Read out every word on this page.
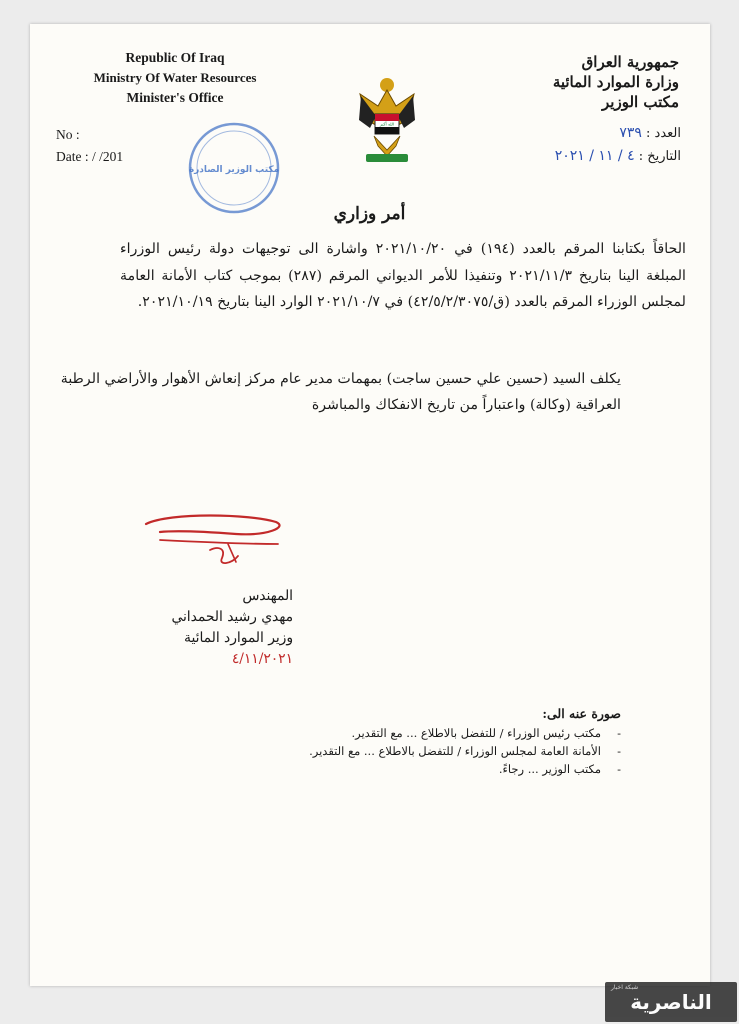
Republic Of Iraq
Ministry Of Water Resources
Minister's Office
No :
Date : / /201
جمهورية العراق
وزارة الموارد المائية
مكتب الوزير
العدد : ٧٣٩
التاريخ : ٤ / ١١ / ٢٠٢١
الله أكبر
مكتب الوزير الصادرة
أمر وزاري
الحاقاً بكتابنا المرقم بالعدد (١٩٤) في ٢٠٢١/١٠/٢٠ واشارة الى توجيهات دولة رئيس الوزراء المبلغة الينا بتاريخ ٢٠٢١/١١/٣ وتنفيذا للأمر الديواني المرقم (٢٨٧) بموجب كتاب الأمانة العامة لمجلس الوزراء المرقم بالعدد (ق/٤٢/٥/٢/٣٠٧٥) في ٢٠٢١/١٠/٧ الوارد الينا بتاريخ ٢٠٢١/١٠/١٩.
يكلف السيد (حسين علي حسين ساجت) بمهمات مدير عام مركز إنعاش الأهوار والأراضي الرطبة العراقية (وكالة) واعتباراً من تاريخ الانفكاك والمباشرة
المهندس
مهدي رشيد الحمداني
وزير الموارد المائية
٤/١١/٢٠٢١
صورة عنه الى:
- مكتب رئيس الوزراء / للتفضل بالاطلاع ... مع التقدير.
- الأمانة العامة لمجلس الوزراء / للتفضل بالاطلاع ... مع التقدير.
- مكتب الوزير ... رجاءً.
شبكة اخبار
الناصرية
